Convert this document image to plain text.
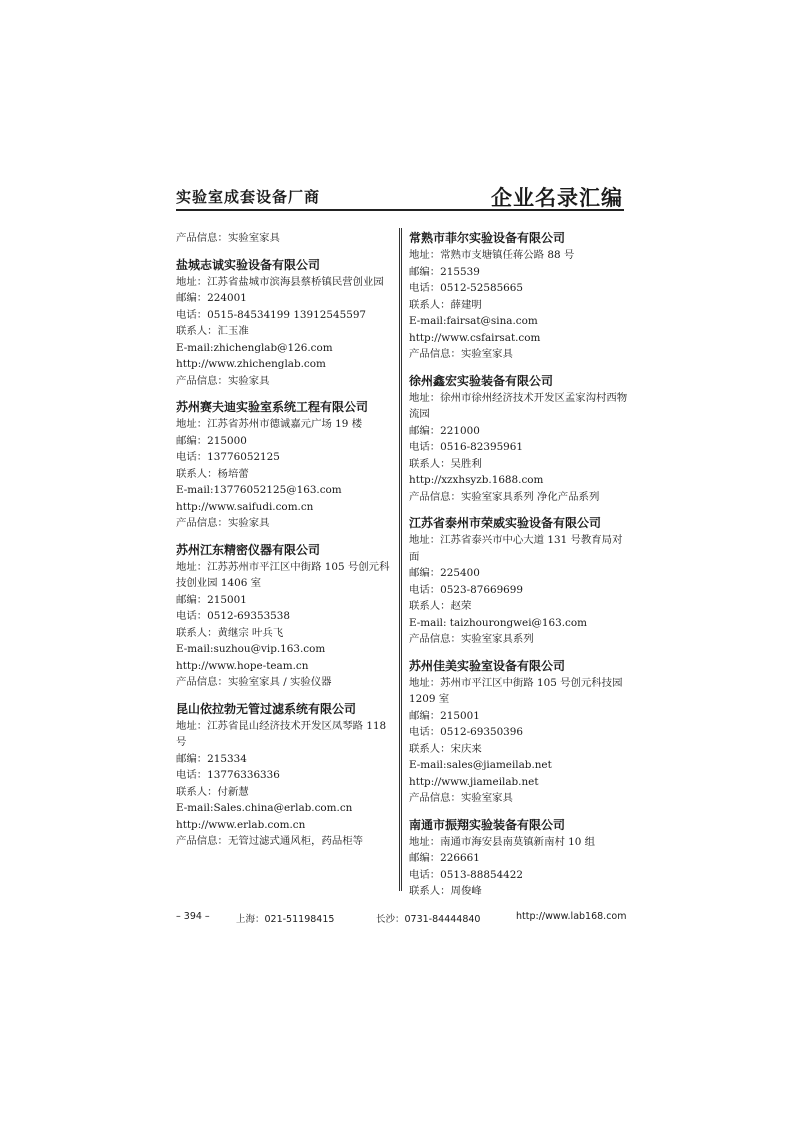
实验室成套设备厂商	企业名录汇编
产品信息：实验室家具
盐城志诚实验设备有限公司
地址：江苏省盐城市滨海县蔡桥镇民营创业园
邮编：224001
电话：0515-84534199 13912545597
联系人：汇玉准
E-mail:zhichenglab@126.com
http://www.zhichenglab.com
产品信息：实验家具
苏州赛夫迪实验室系统工程有限公司
地址：江苏省苏州市德诚嘉元广场 19 楼
邮编：215000
电话：13776052125
联系人：杨培蕾
E-mail:13776052125@163.com
http://www.saifudi.com.cn
产品信息：实验家具
苏州江东精密仪器有限公司
地址：江苏苏州市平江区中街路 105 号创元科技创业园 1406 室
邮编：215001
电话：0512-69353538
联系人：黄继宗 叶兵飞
E-mail:suzhou@vip.163.com
http://www.hope-team.cn
产品信息：实验室家具 / 实验仪器
昆山依拉勃无管过滤系统有限公司
地址：江苏省昆山经济技术开发区凤琴路 118 号
邮编：215334
电话：13776336336
联系人：付新慧
E-mail:Sales.china@erlab.com.cn
http://www.erlab.com.cn
产品信息：无管过滤式通风柜，药品柜等
常熟市菲尔实验设备有限公司
地址：常熟市支塘镇任蒋公路 88 号
邮编：215539
电话：0512-52585665
联系人：薛建明
E-mail:fairsat@sina.com
http://www.csfairsat.com
产品信息：实验室家具
徐州鑫宏实验装备有限公司
地址：徐州市徐州经济技术开发区孟家沟村西物流园
邮编：221000
电话：0516-82395961
联系人：吴胜利
http://xzxhsyzb.1688.com
产品信息：实验室家具系列 净化产品系列
江苏省泰州市荣威实验设备有限公司
地址：江苏省泰兴市中心大道 131 号教育局对面
邮编：225400
电话：0523-87669699
联系人：赵荣
E-mail: taizhourongwei@163.com
产品信息：实验室家具系列
苏州佳美实验室设备有限公司
地址：苏州市平江区中街路 105 号创元科技园 1209 室
邮编：215001
电话：0512-69350396
联系人：宋庆来
E-mail:sales@jiameilab.net
http://www.jiameilab.net
产品信息：实验室家具
南通市振翔实验装备有限公司
地址：南通市海安县南莫镇新南村 10 组
邮编：226661
电话：0513-88854422
联系人：周俊峰
– 394 –	上海：021-51198415	长沙：0731-84444840	http://www.lab168.com
